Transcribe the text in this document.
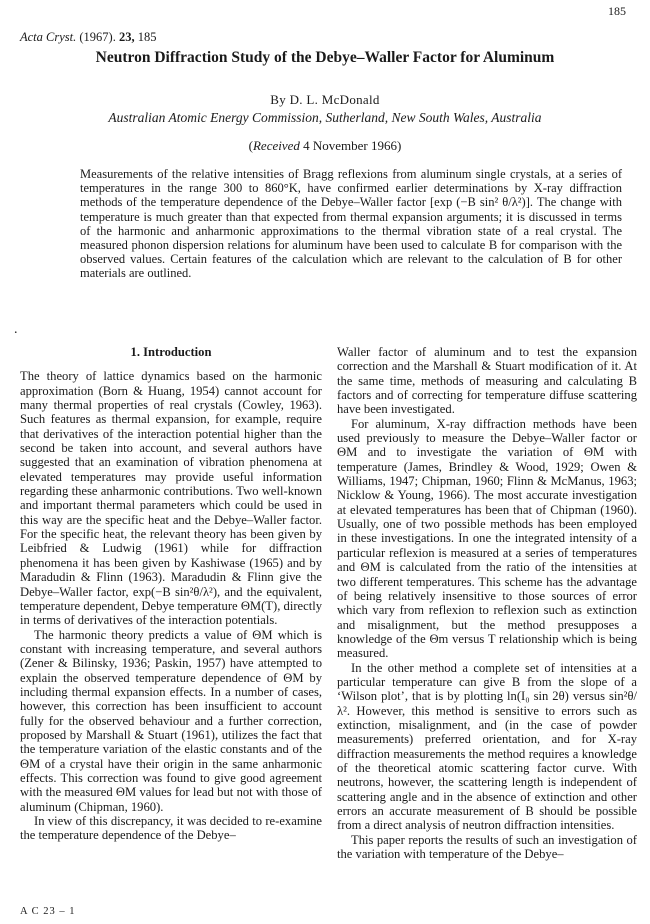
185
Acta Cryst. (1967). 23, 185
Neutron Diffraction Study of the Debye–Waller Factor for Aluminum
By D. L. McDonald
Australian Atomic Energy Commission, Sutherland, New South Wales, Australia
(Received 4 November 1966)
Measurements of the relative intensities of Bragg reflexions from aluminum single crystals, at a series of temperatures in the range 300 to 860°K, have confirmed earlier determinations by X-ray diffraction methods of the temperature dependence of the Debye–Waller factor [exp (−B sin² θ/λ²)]. The change with temperature is much greater than that expected from thermal expansion arguments; it is discussed in terms of the harmonic and anharmonic approximations to the thermal vibration state of a real crystal. The measured phonon dispersion relations for aluminum have been used to calculate B for comparison with the observed values. Certain features of the calculation which are relevant to the calculation of B for other materials are outlined.
.
1. Introduction

The theory of lattice dynamics based on the harmonic approximation (Born & Huang, 1954) cannot account for many thermal properties of real crystals (Cowley, 1963). Such features as thermal expansion, for example, require that derivatives of the interaction potential higher than the second be taken into account, and several authors have suggested that an examination of vibration phenomena at elevated temperatures may provide useful information regarding these anharmonic contributions. Two well-known and important thermal parameters which could be used in this way are the specific heat and the Debye–Waller factor. For the specific heat, the relevant theory has been given by Leibfried & Ludwig (1961) while for diffraction phenomena it has been given by Kashiwase (1965) and by Maradudin & Flinn (1963). Maradudin & Flinn give the Debye–Waller factor, exp(−B sin²θ/λ²), and the equivalent, temperature dependent, Debye temperature ΘM(T), directly in terms of derivatives of the interaction potentials.

The harmonic theory predicts a value of ΘM which is constant with increasing temperature, and several authors (Zener & Bilinsky, 1936; Paskin, 1957) have attempted to explain the observed temperature dependence of ΘM by including thermal expansion effects. In a number of cases, however, this correction has been insufficient to account fully for the observed behaviour and a further correction, proposed by Marshall & Stuart (1961), utilizes the fact that the temperature variation of the elastic constants and of the ΘM of a crystal have their origin in the same anharmonic effects. This correction was found to give good agreement with the measured ΘM values for lead but not with those of aluminum (Chipman, 1960).

In view of this discrepancy, it was decided to re-examine the temperature dependence of the Debye–

Waller factor of aluminum and to test the expansion correction and the Marshall & Stuart modification of it. At the same time, methods of measuring and calculating B factors and of correcting for temperature diffuse scattering have been investigated.

For aluminum, X-ray diffraction methods have been used previously to measure the Debye–Waller factor or ΘM and to investigate the variation of ΘM with temperature (James, Brindley & Wood, 1929; Owen & Williams, 1947; Chipman, 1960; Flinn & McManus, 1963; Nicklow & Young, 1966). The most accurate investigation at elevated temperatures has been that of Chipman (1960). Usually, one of two possible methods has been employed in these investigations. In one the integrated intensity of a particular reflexion is measured at a series of temperatures and ΘM is calculated from the ratio of the intensities at two different temperatures. This scheme has the advantage of being relatively insensitive to those sources of error which vary from reflexion to reflexion such as extinction and misalignment, but the method presupposes a knowledge of the Θm versus T relationship which is being measured.

In the other method a complete set of intensities at a particular temperature can give B from the slope of a ‘Wilson plot’, that is by plotting ln(I₀ sin 2θ) versus sin²θ/λ². However, this method is sensitive to errors such as extinction, misalignment, and (in the case of powder measurements) preferred orientation, and for X-ray diffraction measurements the method requires a knowledge of the theoretical atomic scattering factor curve. With neutrons, however, the scattering length is independent of scattering angle and in the absence of extinction and other errors an accurate measurement of B should be possible from a direct analysis of neutron diffraction intensities.

This paper reports the results of such an investigation of the variation with temperature of the Debye–

A C 23 – 1
